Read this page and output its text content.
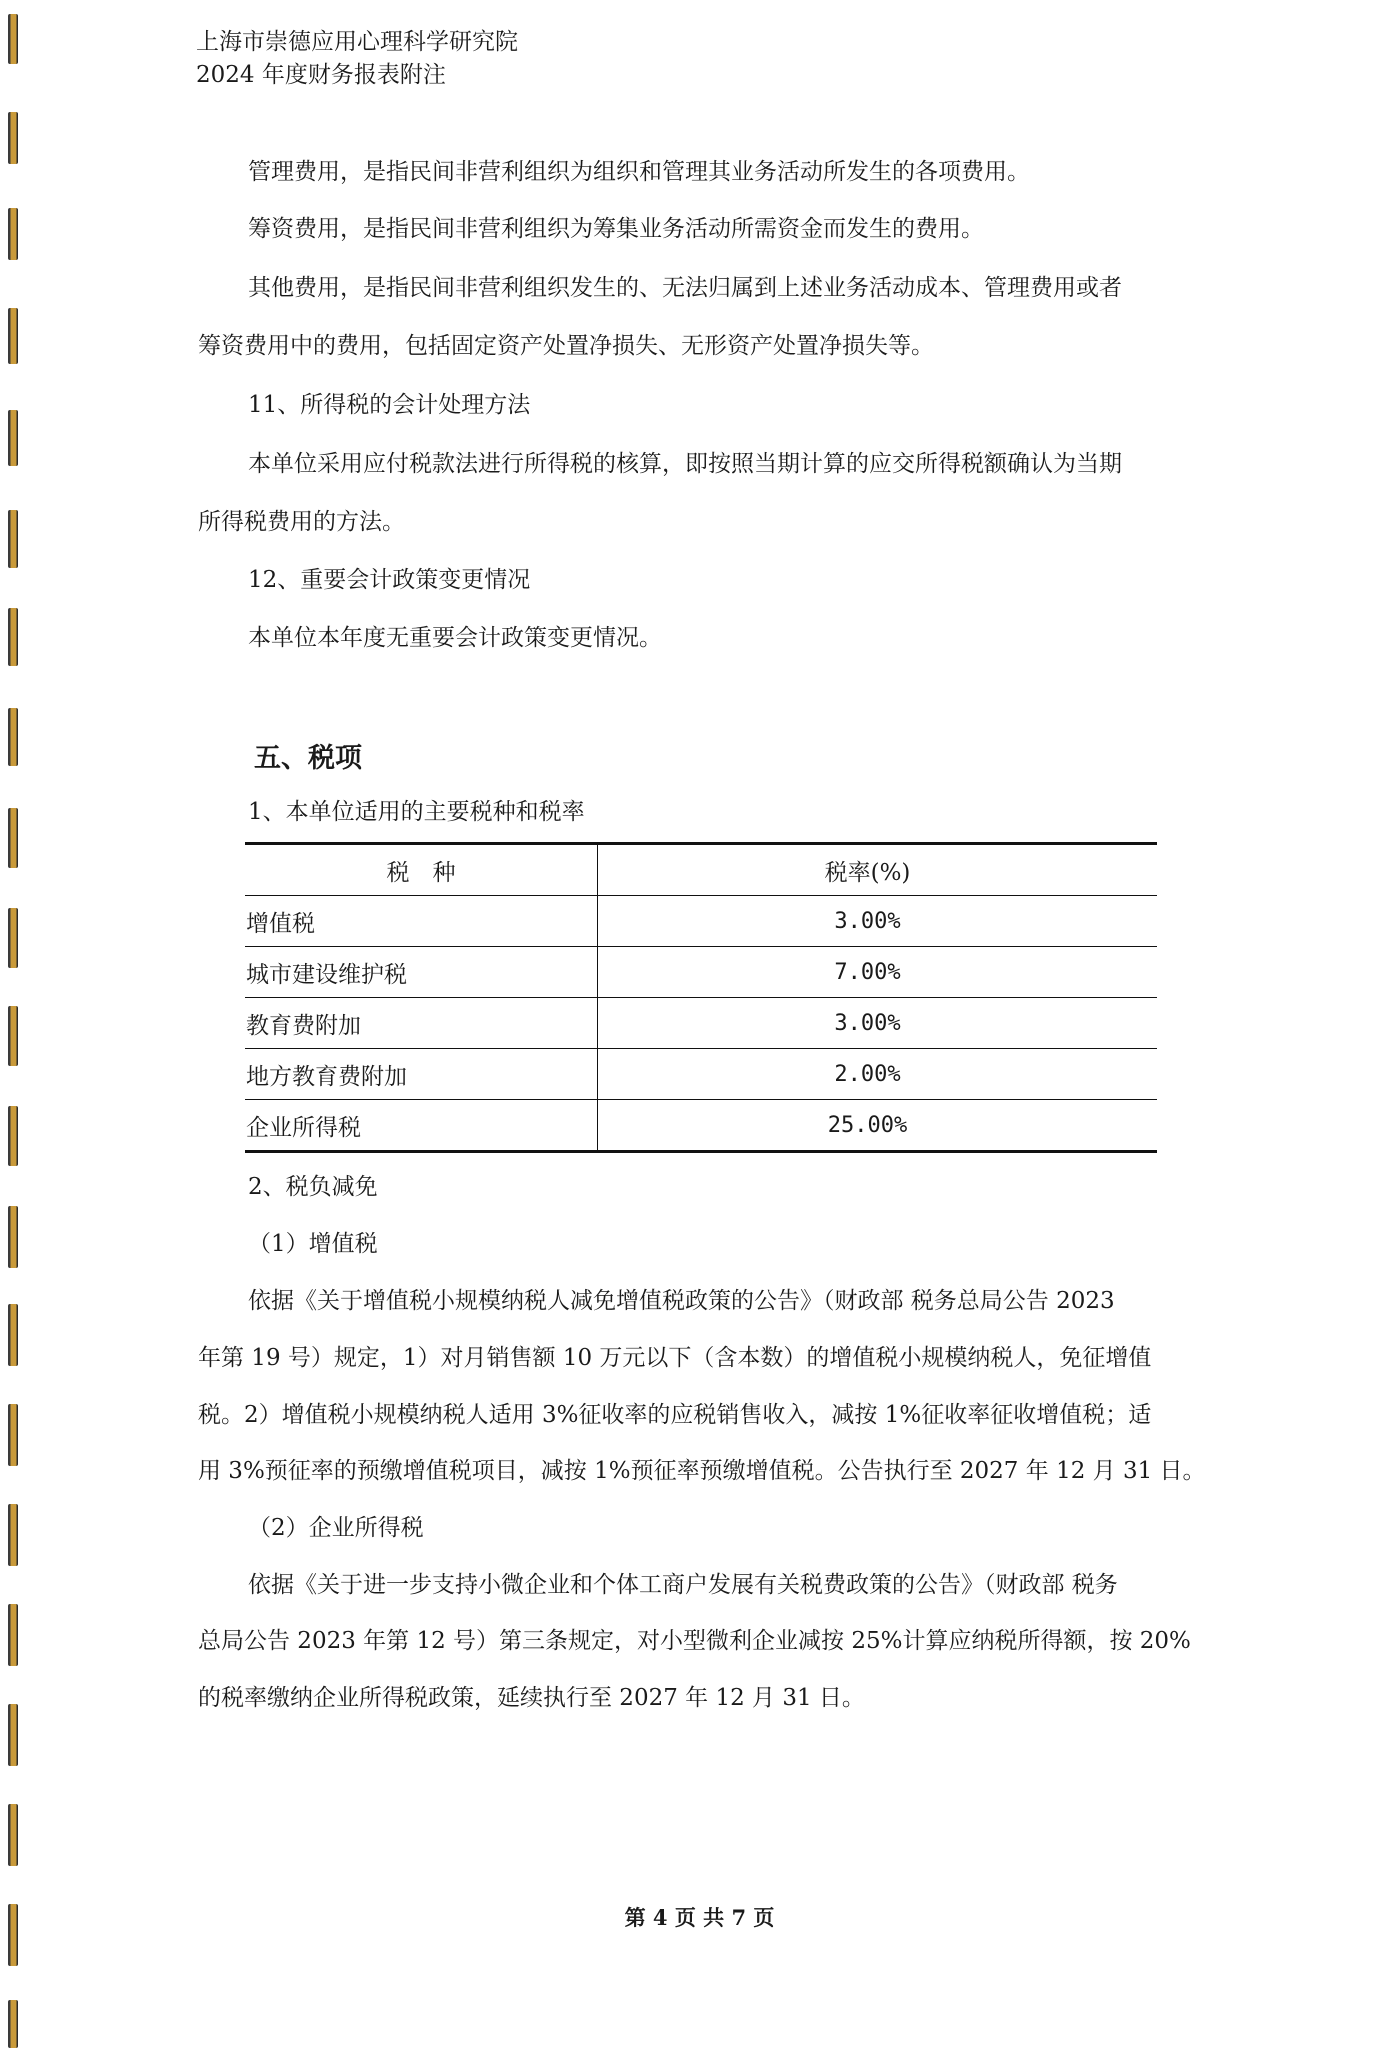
上海市崇德应用心理科学研究院
2024 年度财务报表附注
管理费用，是指民间非营利组织为组织和管理其业务活动所发生的各项费用。
筹资费用，是指民间非营利组织为筹集业务活动所需资金而发生的费用。
其他费用，是指民间非营利组织发生的、无法归属到上述业务活动成本、管理费用或者
筹资费用中的费用，包括固定资产处置净损失、无形资产处置净损失等。
11、所得税的会计处理方法
本单位采用应付税款法进行所得税的核算，即按照当期计算的应交所得税额确认为当期
所得税费用的方法。
12、重要会计政策变更情况
本单位本年度无重要会计政策变更情况。
五、税项
1、本单位适用的主要税种和税率
税　种	税率(%)
增值税	3.00%
城市建设维护税	7.00%
教育费附加	3.00%
地方教育费附加	2.00%
企业所得税	25.00%
2、税负减免
（1）增值税
依据《关于增值税小规模纳税人减免增值税政策的公告》（财政部 税务总局公告 2023
年第 19 号）规定，1）对月销售额 10 万元以下（含本数）的增值税小规模纳税人，免征增值
税。2）增值税小规模纳税人适用 3%征收率的应税销售收入，减按 1%征收率征收增值税；适
用 3%预征率的预缴增值税项目，减按 1%预征率预缴增值税。公告执行至 2027 年 12 月 31 日。
（2）企业所得税
依据《关于进一步支持小微企业和个体工商户发展有关税费政策的公告》（财政部 税务
总局公告 2023 年第 12 号）第三条规定，对小型微利企业减按 25%计算应纳税所得额，按 20%
的税率缴纳企业所得税政策，延续执行至 2027 年 12 月 31 日。
第 4 页 共 7 页
